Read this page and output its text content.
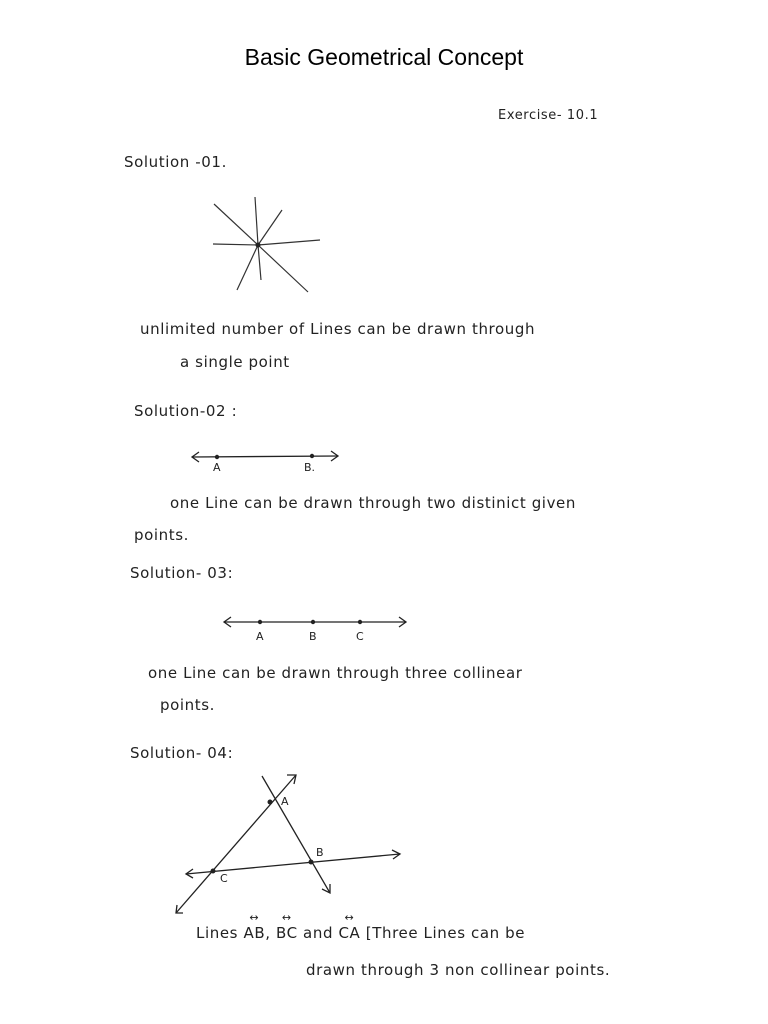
Basic Geometrical Concept
Exercise- 10.1
Solution -01.
unlimited number of Lines can be drawn through
a single point
Solution-02 :
A	B.
one Line can be drawn through two distinict given
points.
Solution- 03:
A	B	C
one Line can be drawn through three collinear
points.
Solution- 04:
A
B
C
Lines ↔ AB, ↔ BC and ↔ CA [Three Lines can be
drawn through 3 non collinear points.
